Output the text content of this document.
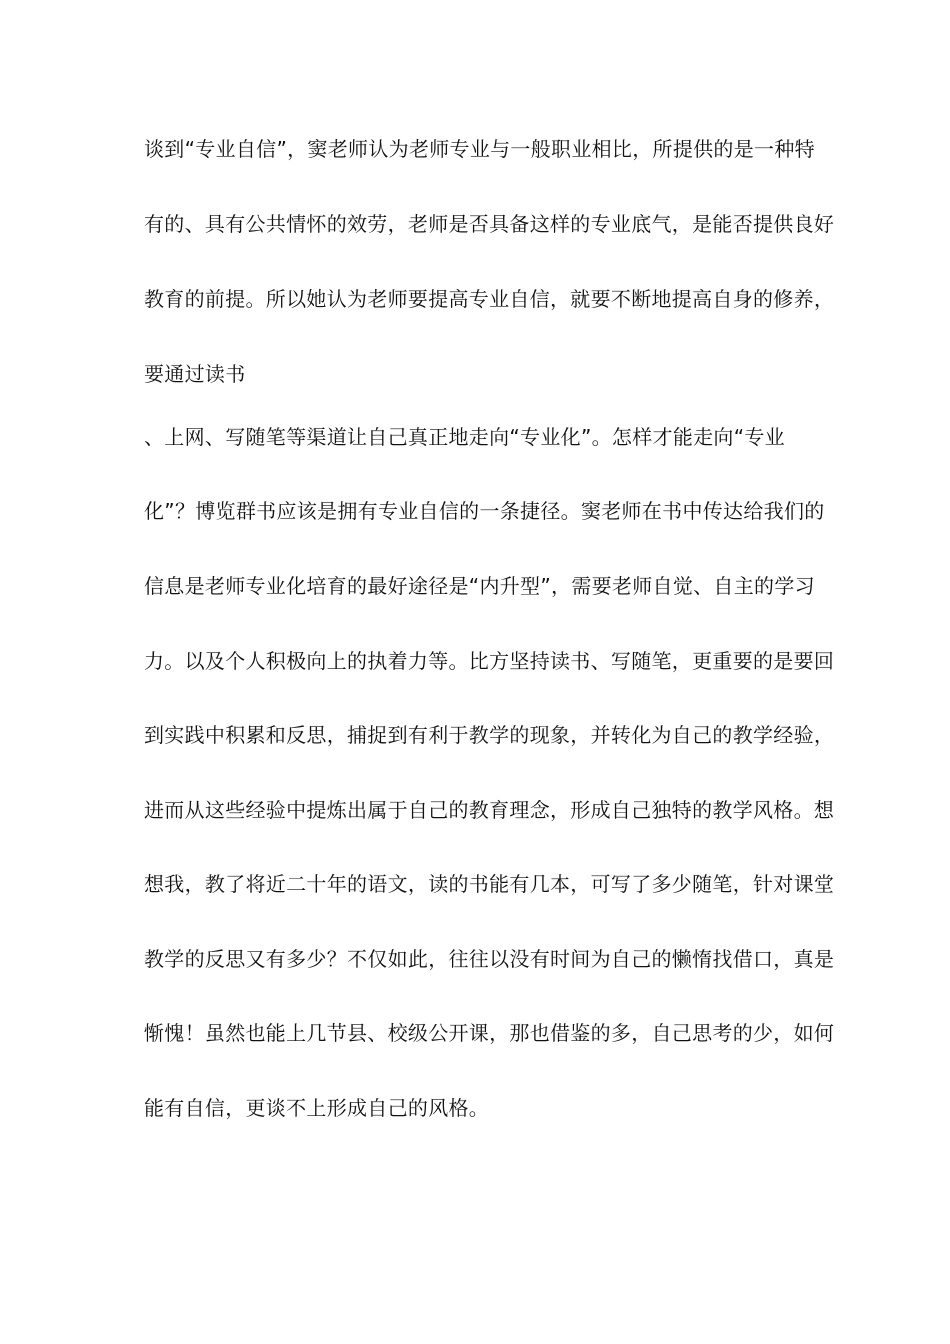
谈到“专业自信”，窦老师认为老师专业与一般职业相比，所提供的是一种特
有的、具有公共情怀的效劳，老师是否具备这样的专业底气，是能否提供良好
教育的前提。所以她认为老师要提高专业自信，就要不断地提高自身的修养，
要通过读书
、上网、写随笔等渠道让自己真正地走向“专业化”。怎样才能走向“专业
化”？博览群书应该是拥有专业自信的一条捷径。窦老师在书中传达给我们的
信息是老师专业化培育的最好途径是“内升型”，需要老师自觉、自主的学习
力。以及个人积极向上的执着力等。比方坚持读书、写随笔，更重要的是要回
到实践中积累和反思，捕捉到有利于教学的现象，并转化为自己的教学经验，
进而从这些经验中提炼出属于自己的教育理念，形成自己独特的教学风格。想
想我，教了将近二十年的语文，读的书能有几本，可写了多少随笔，针对课堂
教学的反思又有多少？不仅如此，往往以没有时间为自己的懒惰找借口，真是
惭愧！虽然也能上几节县、校级公开课，那也借鉴的多，自己思考的少，如何
能有自信，更谈不上形成自己的风格。
